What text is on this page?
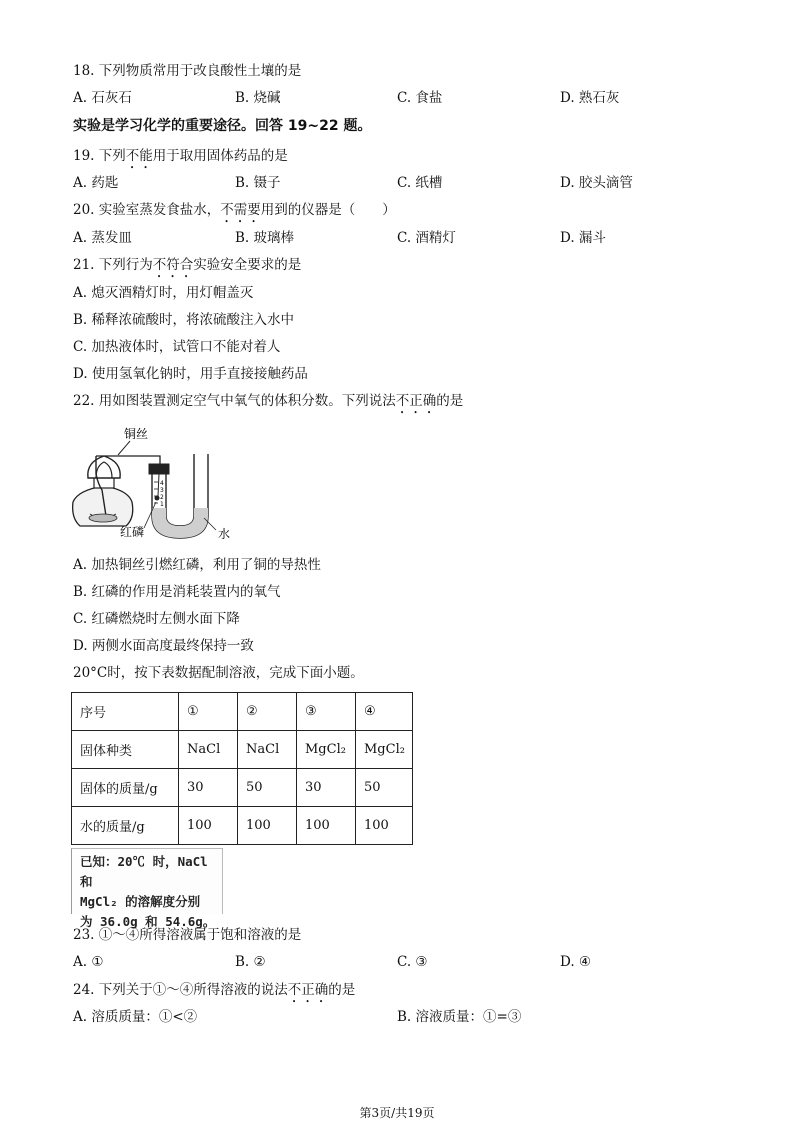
18. 下列物质常用于改良酸性土壤的是
A. 石灰石	B. 烧碱	C. 食盐	D. 熟石灰
实验是学习化学的重要途径。回答 19~22 题。
19. 下列不能用于取用固体药品的是
A. 药匙	B. 镊子	C. 纸槽	D. 胶头滴管
20. 实验室蒸发食盐水，不需要用到的仪器是（　　）
A. 蒸发皿	B. 玻璃棒	C. 酒精灯	D. 漏斗
21. 下列行为不符合实验安全要求的是
A. 熄灭酒精灯时，用灯帽盖灭
B. 稀释浓硫酸时，将浓硫酸注入水中
C. 加热液体时，试管口不能对着人
D. 使用氢氧化钠时，用手直接接触药品
22. 用如图装置测定空气中氧气的体积分数。下列说法不正确的是
铜丝
4
3
2
1
红磷	水
A. 加热铜丝引燃红磷，利用了铜的导热性
B. 红磷的作用是消耗装置内的氧气
C. 红磷燃烧时左侧水面下降
D. 两侧水面高度最终保持一致
20°C时，按下表数据配制溶液，完成下面小题。
序号	①	②	③	④
固体种类	NaCl	NaCl	MgCl₂	MgCl₂
固体的质量/g	30	50	30	50
水的质量/g	100	100	100	100
已知：20℃ 时，NaCl 和
MgCl₂ 的溶解度分别
为 36.0g 和 54.6g。
23. ①～④所得溶液属于饱和溶液的是
A. ①	B. ②	C. ③	D. ④
24. 下列关于①～④所得溶液的说法不正确的是
A. 溶质质量：①<②	B. 溶液质量：①=③
第3页/共19页
